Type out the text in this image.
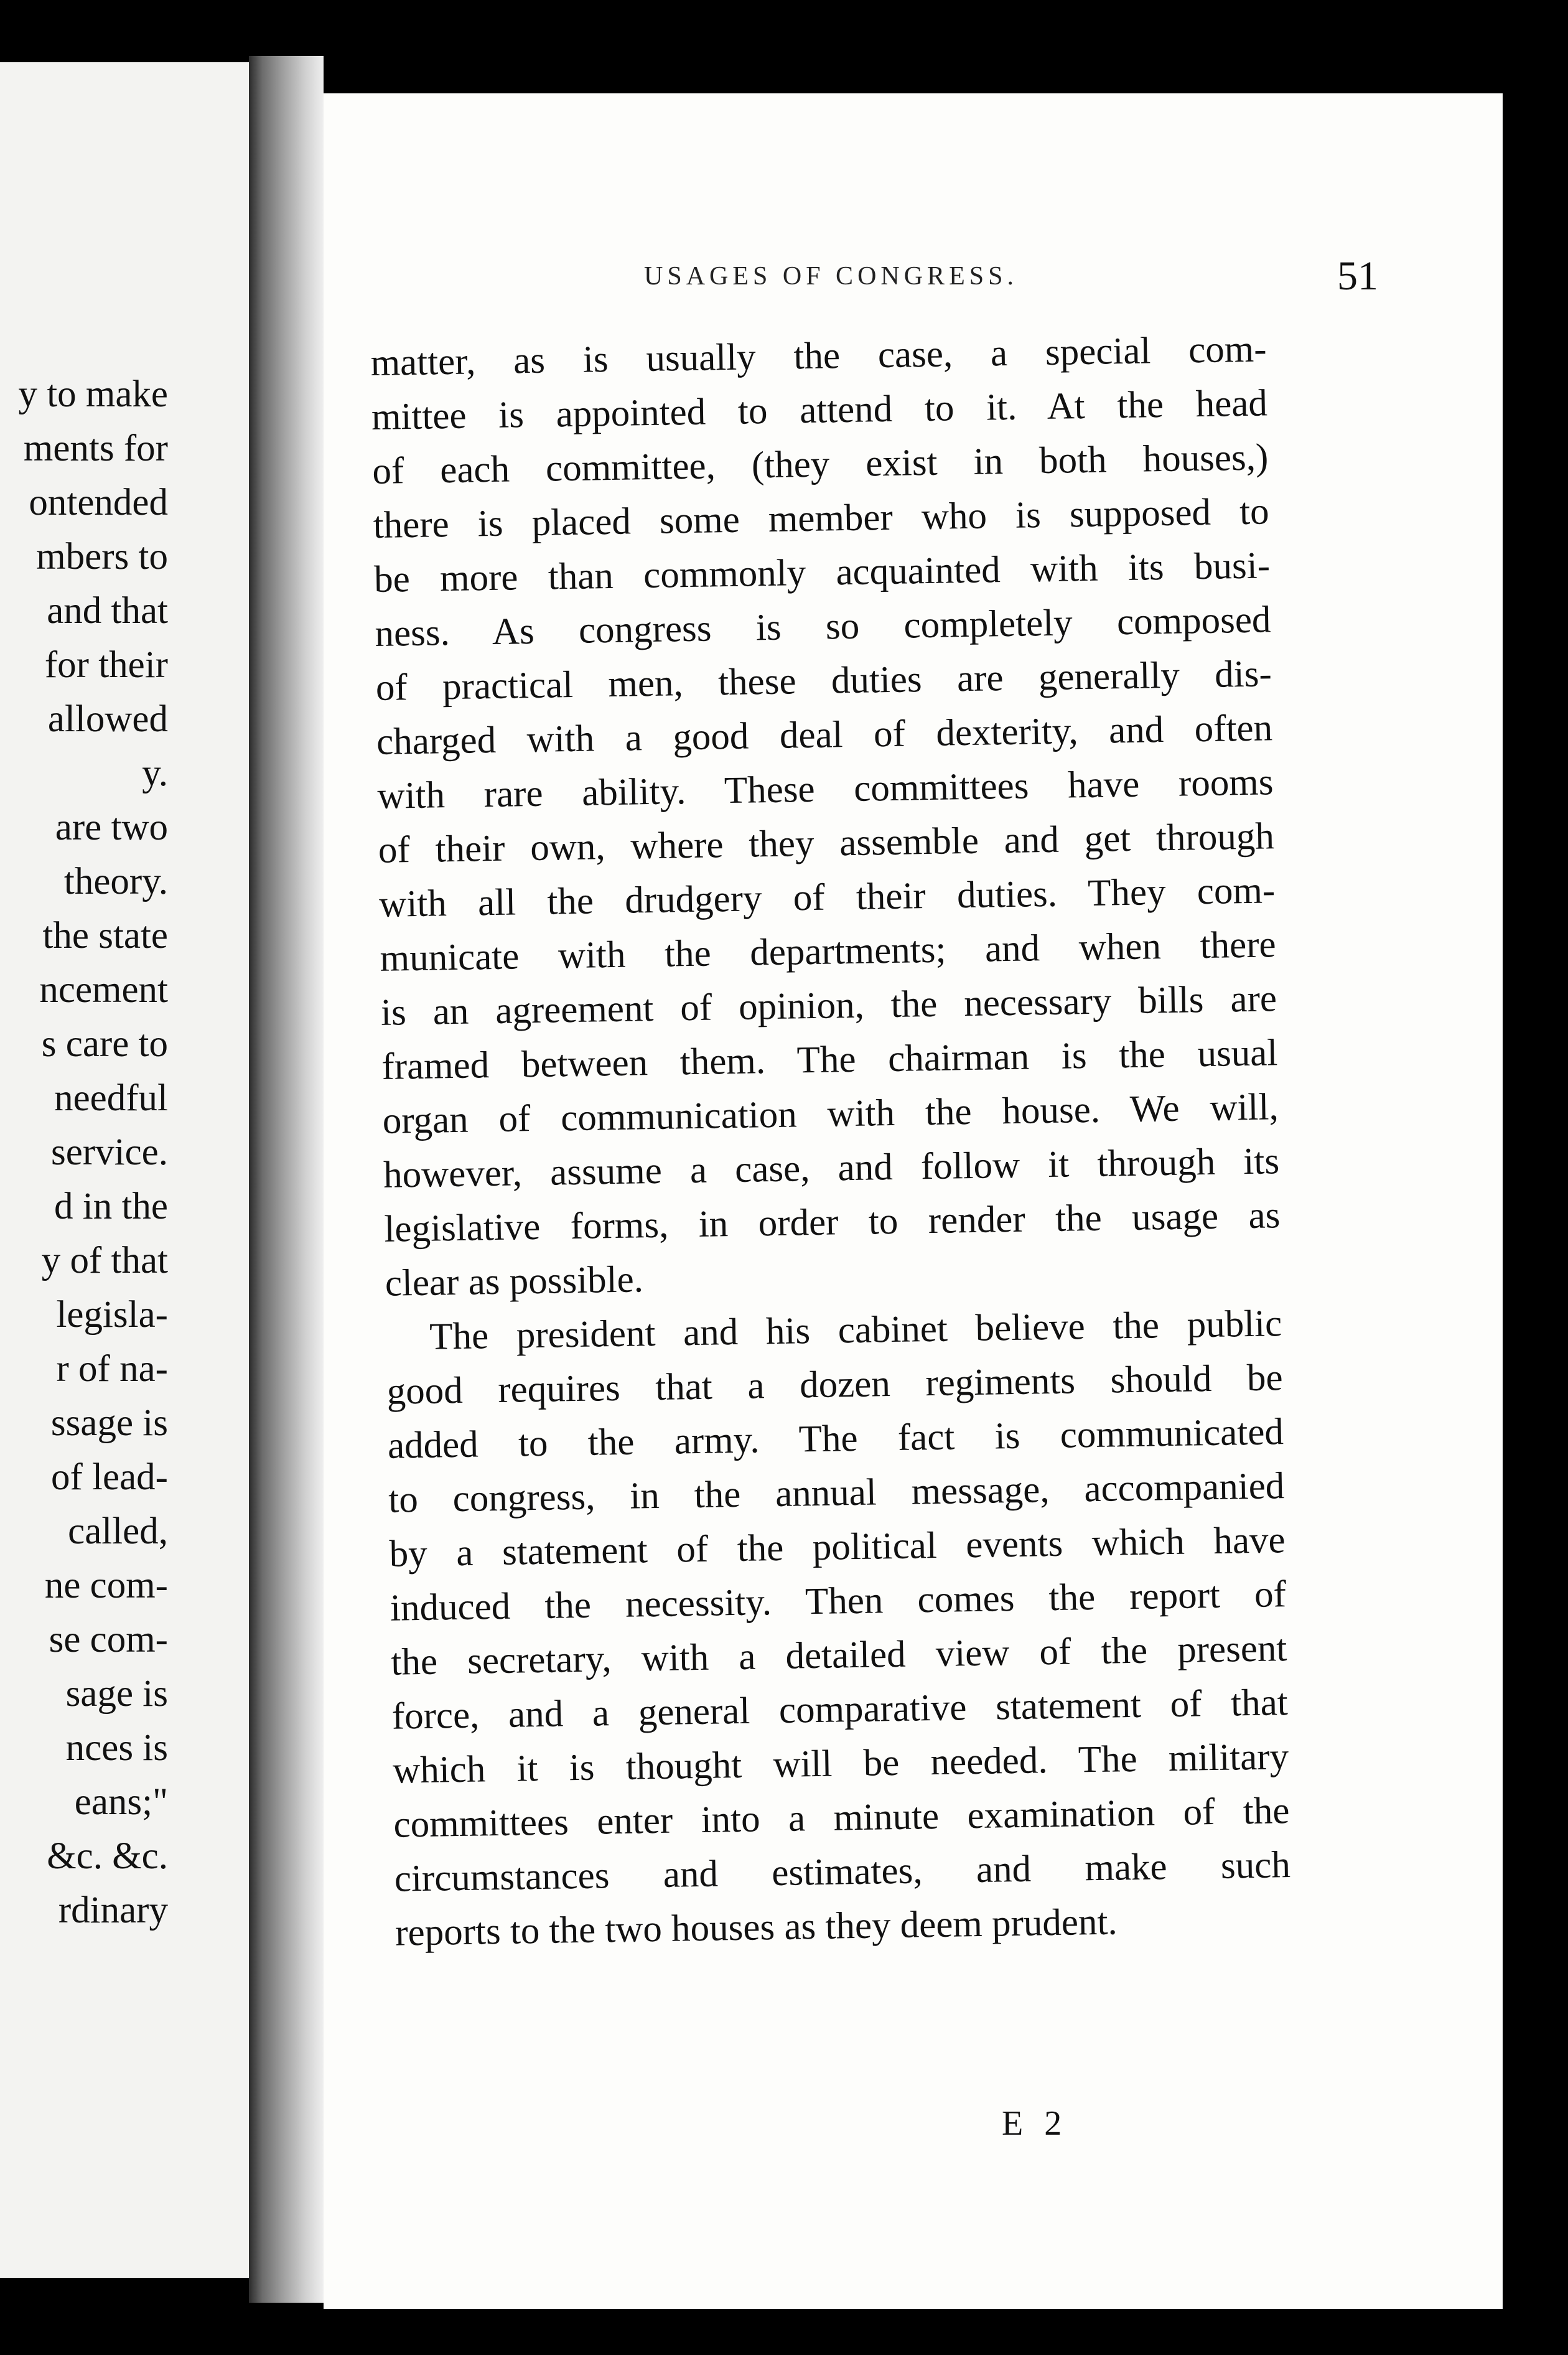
y to make
ments for
ontended
mbers to
and that
for their
allowed
y.
are two
theory.
the state
ncement
s care to
needful
service.
d in the
y of that
legisla-
r of na-
ssage is
of lead-
called,
ne com-
se com-
sage is
nces is
eans;"
&c. &c.
rdinary
USAGES OF CONGRESS.	51
matter, as is usually the case, a special com-
mittee is appointed to attend to it. At the head
of each committee, (they exist in both houses,)
there is placed some member who is supposed to
be more than commonly acquainted with its busi-
ness. As congress is so completely composed
of practical men, these duties are generally dis-
charged with a good deal of dexterity, and often
with rare ability. These committees have rooms
of their own, where they assemble and get through
with all the drudgery of their duties. They com-
municate with the departments; and when there
is an agreement of opinion, the necessary bills are
framed between them. The chairman is the usual
organ of communication with the house. We will,
however, assume a case, and follow it through its
legislative forms, in order to render the usage as
clear as possible.
The president and his cabinet believe the public
good requires that a dozen regiments should be
added to the army. The fact is communicated
to congress, in the annual message, accompanied
by a statement of the political events which have
induced the necessity. Then comes the report of
the secretary, with a detailed view of the present
force, and a general comparative statement of that
which it is thought will be needed. The military
committees enter into a minute examination of the
circumstances and estimates, and make such
reports to the two houses as they deem prudent.
E 2
